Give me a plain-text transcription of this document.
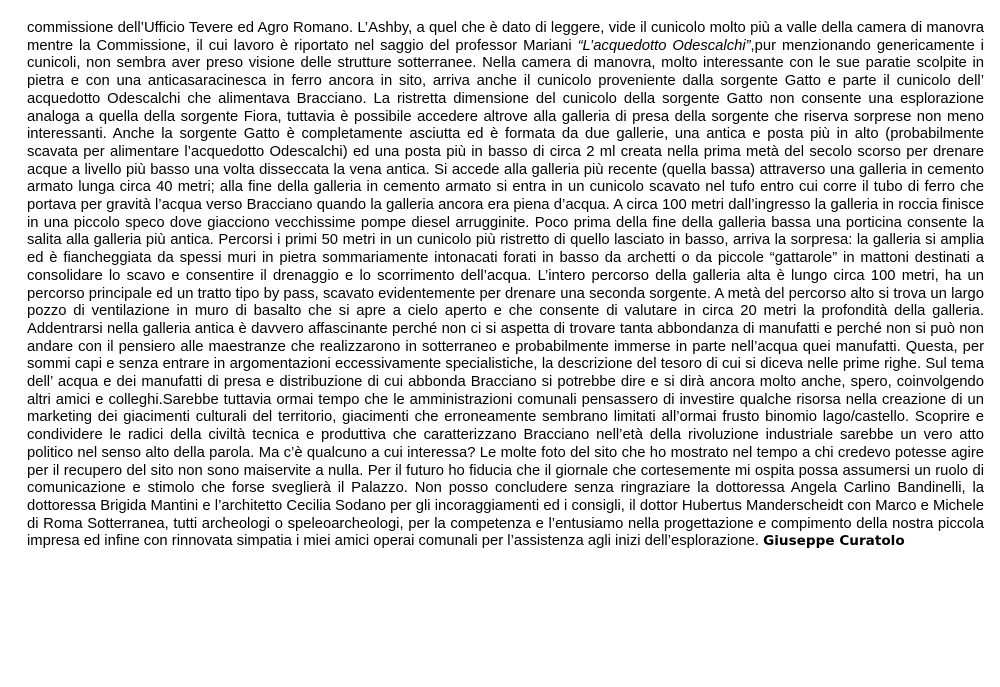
commissione dell’Ufficio Tevere ed Agro Romano. L’Ashby, a quel che è dato di leggere, vide il cunicolo molto più a valle della camera di manovra mentre la Commissione, il cui lavoro è riportato nel saggio del professor Mariani “L’acquedotto Odescalchi”,pur menzionando genericamente i cunicoli, non sembra aver preso visione delle strutture sotterranee. Nella camera di manovra, molto interessante con le sue paratie scolpite in pietra e con una anticasaracinesca in ferro ancora in sito, arriva anche il cunicolo proveniente dalla sorgente Gatto e parte il cunicolo dell’ acquedotto Odescalchi che alimentava Bracciano. La ristretta dimensione del cunicolo della sorgente Gatto non consente una esplorazione analoga a quella della sorgente Fiora, tuttavia è possibile accedere altrove alla galleria di presa della sorgente che riserva sorprese non meno interessanti. Anche la sorgente Gatto è completamente asciutta ed è formata da due gallerie, una antica e posta più in alto (probabilmente scavata per alimentare l’acquedotto Odescalchi) ed una posta più in basso di circa 2 ml creata nella prima metà del secolo scorso per drenare acque a livello più basso una volta disseccata la vena antica. Si accede alla galleria più recente (quella bassa) attraverso una galleria in cemento armato lunga circa 40 metri; alla fine della galleria in cemento armato si entra in un cunicolo scavato nel tufo entro cui corre il tubo di ferro che portava per gravità l’acqua verso Bracciano quando la galleria ancora era piena d’acqua. A circa 100 metri dall’ingresso la galleria in roccia finisce in una piccolo speco dove giacciono vecchissime pompe diesel arrugginite. Poco prima della fine della galleria bassa una porticina consente la salita alla galleria più antica. Percorsi i primi 50 metri in un cunicolo più ristretto di quello lasciato in basso, arriva la sorpresa: la galleria si amplia ed è fiancheggiata da spessi muri in pietra sommariamente intonacati forati in basso da archetti o da piccole “gattarole” in mattoni destinati a consolidare lo scavo e consentire il drenaggio e lo scorrimento dell’acqua. L’intero percorso della galleria alta è lungo circa 100 metri, ha un percorso principale ed un tratto tipo by pass, scavato evidentemente per drenare una seconda sorgente. A metà del percorso alto si trova un largo pozzo di ventilazione in muro di basalto che si apre a cielo aperto e che consente di valutare in circa 20 metri la profondità della galleria. Addentrarsi nella galleria antica è davvero affascinante perché non ci si aspetta di trovare tanta abbondanza di manufatti e perché non si può non andare con il pensiero alle maestranze che realizzarono in sotterraneo e probabilmente immerse in parte nell’acqua quei manufatti. Questa, per sommi capi e senza entrare in argomentazioni eccessivamente specialistiche, la descrizione del tesoro di cui si diceva nelle prime righe. Sul tema dell’ acqua e dei manufatti di presa e distribuzione di cui abbonda Bracciano si potrebbe dire e si dirà ancora molto anche, spero, coinvolgendo altri amici e colleghi.Sarebbe tuttavia ormai tempo che le amministrazioni comunali pensassero di investire qualche risorsa nella creazione di un marketing dei giacimenti culturali del territorio, giacimenti che erroneamente sembrano limitati all’ormai frusto binomio lago/castello. Scoprire e condividere le radici della civiltà tecnica e produttiva che caratterizzano Bracciano nell’età della rivoluzione industriale sarebbe un vero atto politico nel senso alto della parola. Ma c’è qualcuno a cui interessa? Le molte foto del sito che ho mostrato nel tempo a chi credevo potesse agire per il recupero del sito non sono maiservite a nulla. Per il futuro ho fiducia che il giornale che cortesemente mi ospita possa assumersi un ruolo di comunicazione e stimolo che forse sveglierà il Palazzo. Non posso concludere senza ringraziare la dottoressa Angela Carlino Bandinelli, la dottoressa Brigida Mantini e l’architetto Cecilia Sodano per gli incoraggiamenti ed i consigli, il dottor Hubertus Manderscheidt con Marco e Michele di Roma Sotterranea, tutti archeologi o speleoarcheologi, per la competenza e l’entusiamo nella progettazione e compimento della nostra piccola impresa ed infine con rinnovata simpatia i miei amici operai comunali per l’assistenza agli inizi dell’esplorazione. Giuseppe Curatolo
